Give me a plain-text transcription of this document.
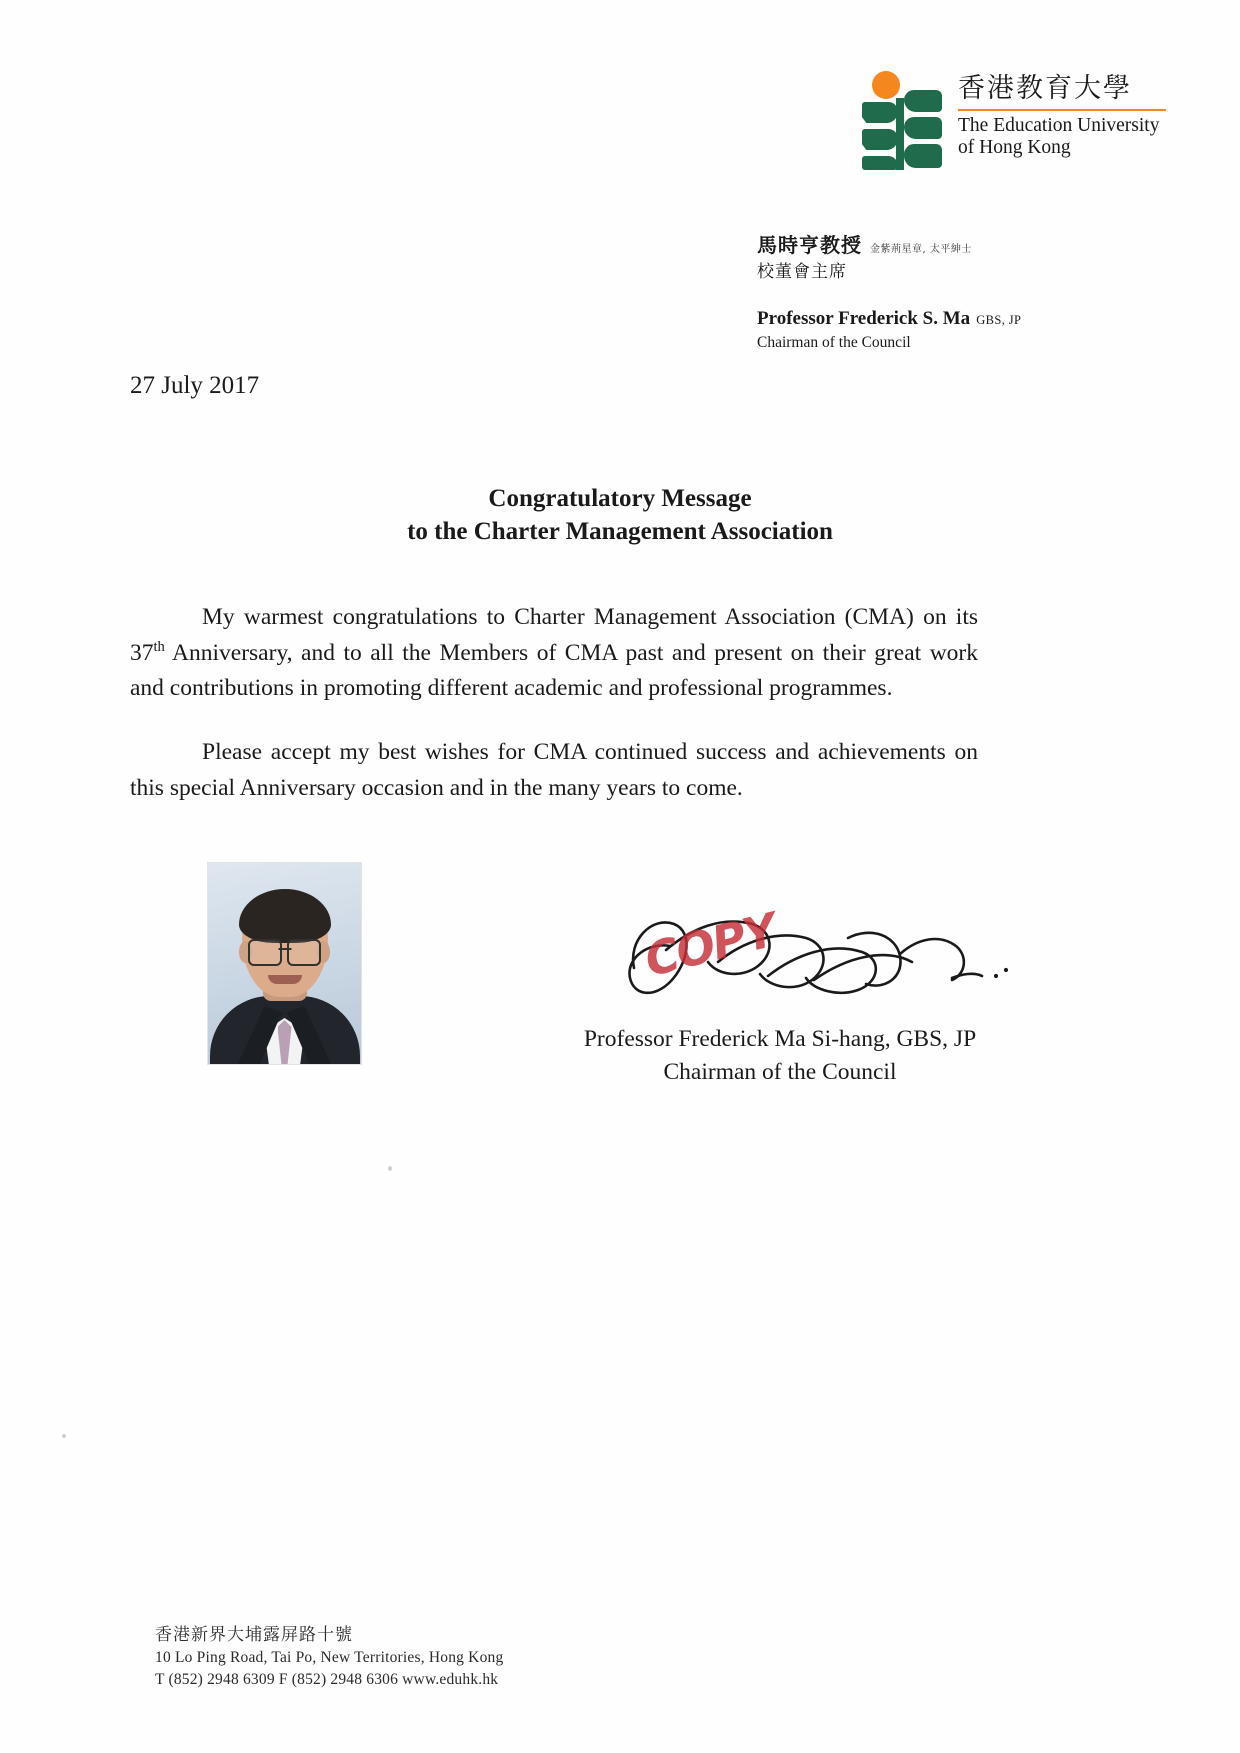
香港教育大學
The Education University
of Hong Kong
馬時亨教授 金紫荊星章, 太平紳士
校董會主席
Professor Frederick S. Ma GBS, JP
Chairman of the Council
27 July 2017
Congratulatory Message
to the Charter Management Association

My warmest congratulations to Charter Management Association (CMA) on its 37th Anniversary, and to all the Members of CMA past and present on their great work and contributions in promoting different academic and professional programmes.

Please accept my best wishes for CMA continued success and achievements on this special Anniversary occasion and in the many years to come.

COPY
Professor Frederick Ma Si-hang, GBS, JP
Chairman of the Council
香港新界大埔露屏路十號
10 Lo Ping Road, Tai Po, New Territories, Hong Kong
T (852) 2948 6309 F (852) 2948 6306 www.eduhk.hk
